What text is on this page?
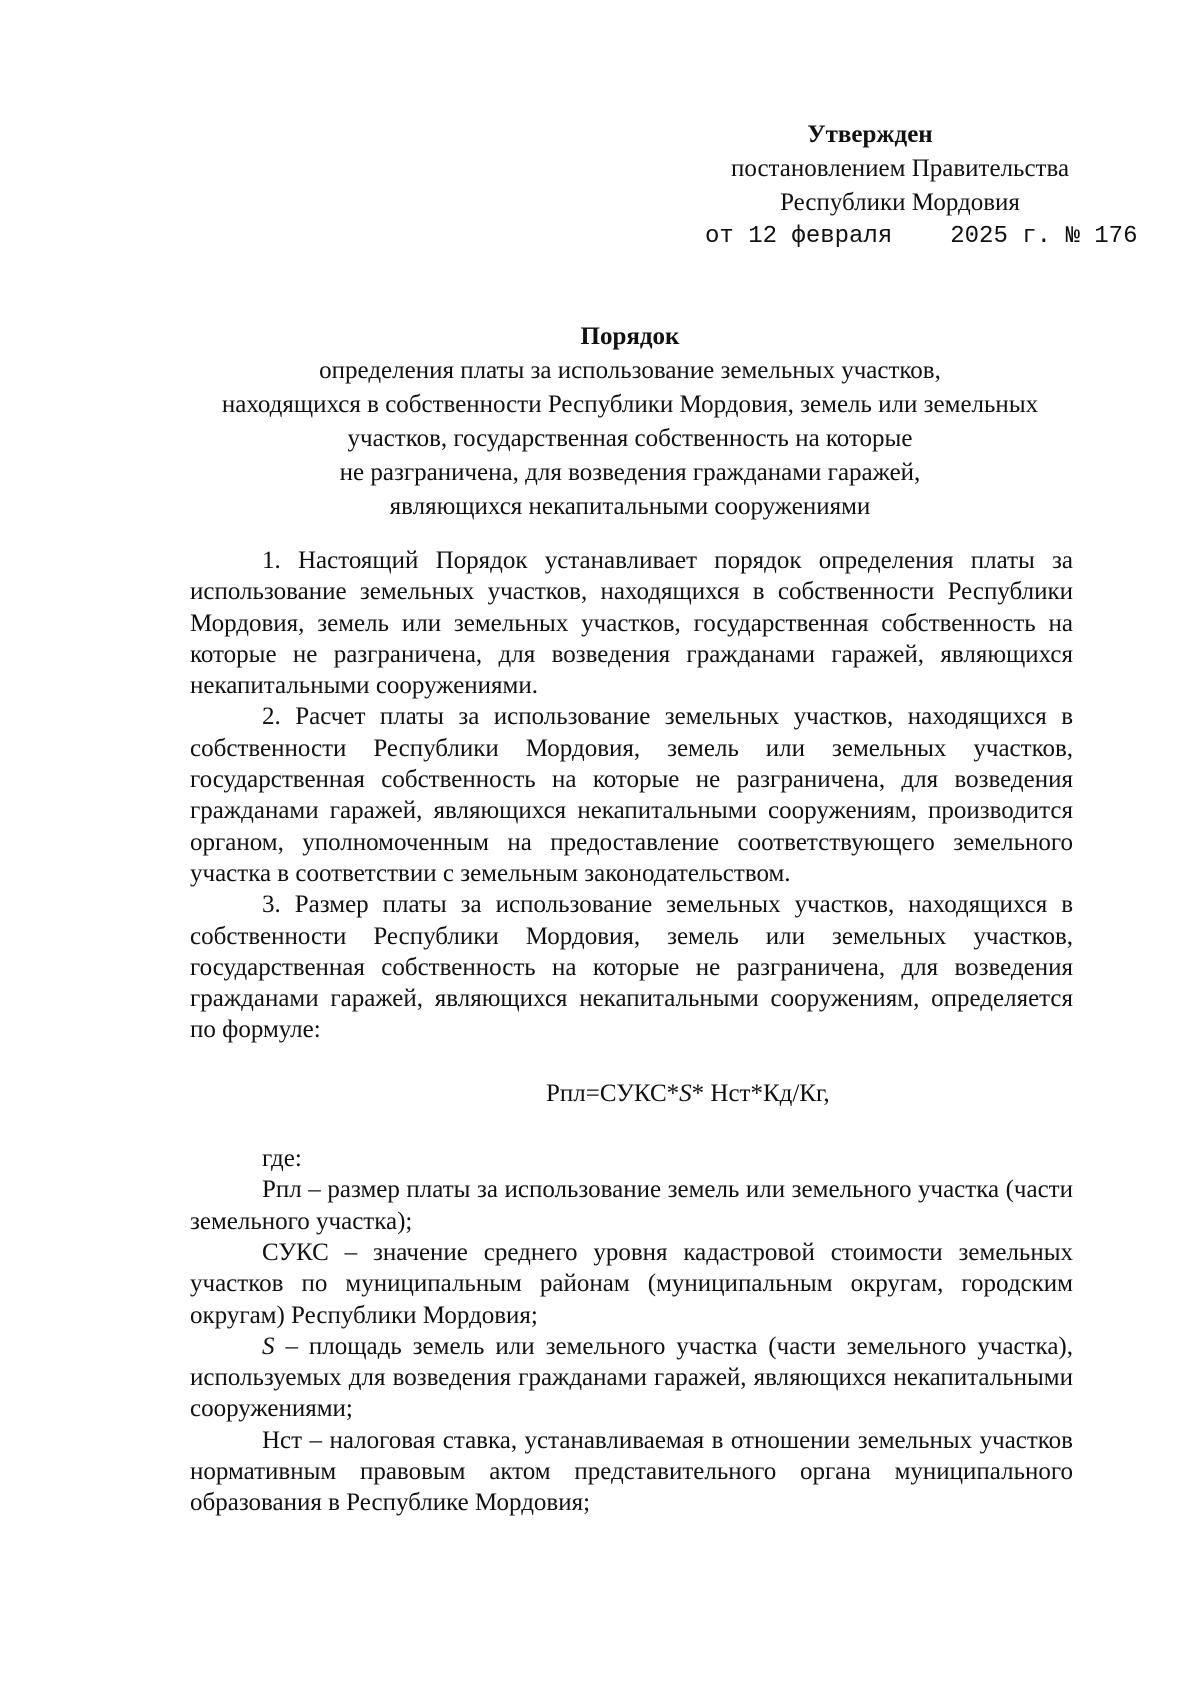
Утвержден
постановлением Правительства
Республики Мордовия
от 12 февраля 2025 г. № 176
Порядок
определения платы за использование земельных участков,
находящихся в собственности Республики Мордовия, земель или земельных
участков, государственная собственность на которые
не разграничена, для возведения гражданами гаражей,
являющихся некапитальными сооружениями

1. Настоящий Порядок устанавливает порядок определения платы за использование земельных участков, находящихся в собственности Республики Мордовия, земель или земельных участков, государственная собственность на которые не разграничена, для возведения гражданами гаражей, являющихся некапитальными сооружениями.

2. Расчет платы за использование земельных участков, находящихся в собственности Республики Мордовия, земель или земельных участков, государственная собственность на которые не разграничена, для возведения гражданами гаражей, являющихся некапитальными сооружениям, производится органом, уполномоченным на предоставление соответствующего земельного участка в соответствии с земельным законодательством.

3. Размер платы за использование земельных участков, находящихся в собственности Республики Мордовия, земель или земельных участков, государственная собственность на которые не разграничена, для возведения гражданами гаражей, являющихся некапитальными сооружениям, определяется по формуле:

Рпл=СУКС*S* Нст*Кд/Кг,

где:

Рпл – размер платы за использование земель или земельного участка (части земельного участка);

СУКС – значение среднего уровня кадастровой стоимости земельных участков по муниципальным районам (муниципальным округам, городским округам) Республики Мордовия;

S – площадь земель или земельного участка (части земельного участка), используемых для возведения гражданами гаражей, являющихся некапитальными сооружениями;

Нст – налоговая ставка, устанавливаемая в отношении земельных участков нормативным правовым актом представительного органа муниципального образования в Республике Мордовия;
